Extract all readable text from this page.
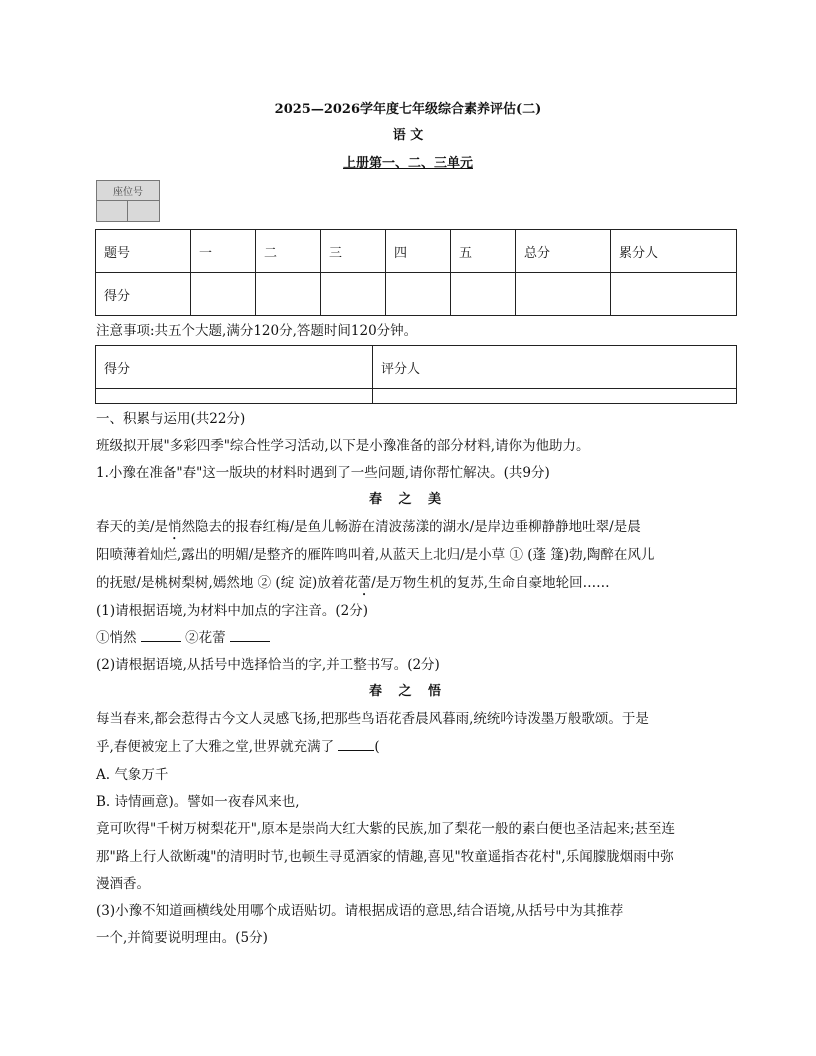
2025—2026学年度七年级综合素养评估(二)
语 文
上册第一、二、三单元
座位号
题号	一	二	三	四	五	总分	累分人
得分							
注意事项:共五个大题,满分120分,答题时间120分钟。
得分	评分人

一、积累与运用(共22分)
班级拟开展"多彩四季"综合性学习活动,以下是小豫准备的部分材料,请你为他助力。
1.小豫在准备"春"这一版块的材料时遇到了一些问题,请你帮忙解决。(共9分)
春 之 美
春天的美/是悄然隐去的报春红梅/是鱼儿畅游在清波荡漾的湖水/是岸边垂柳静静地吐翠/是晨
阳喷薄着灿烂,露出的明媚/是整齐的雁阵鸣叫着,从蓝天上北归/是小草 ① (蓬 篷)勃,陶醉在风儿
的抚慰/是桃树梨树,嫣然地 ② (绽 淀)放着花蕾/是万物生机的复苏,生命自豪地轮回……
(1)请根据语境,为材料中加点的字注音。(2分)
①悄然	②花蕾
(2)请根据语境,从括号中选择恰当的字,并工整书写。(2分)
春 之 悟
每当春来,都会惹得古今文人灵感飞扬,把那些鸟语花香晨风暮雨,统统吟诗泼墨万般歌颂。于是
乎,春便被宠上了大雅之堂,世界就充满了	(
A. 气象万千
B. 诗情画意)。譬如一夜春风来也,
竟可吹得"千树万树梨花开",原本是崇尚大红大紫的民族,加了梨花一般的素白便也圣洁起来;甚至连
那"路上行人欲断魂"的清明时节,也顿生寻觅酒家的情趣,喜见"牧童遥指杏花村",乐闻朦胧烟雨中弥
漫酒香。
(3)小豫不知道画横线处用哪个成语贴切。请根据成语的意思,结合语境,从括号中为其推荐
一个,并简要说明理由。(5分)
